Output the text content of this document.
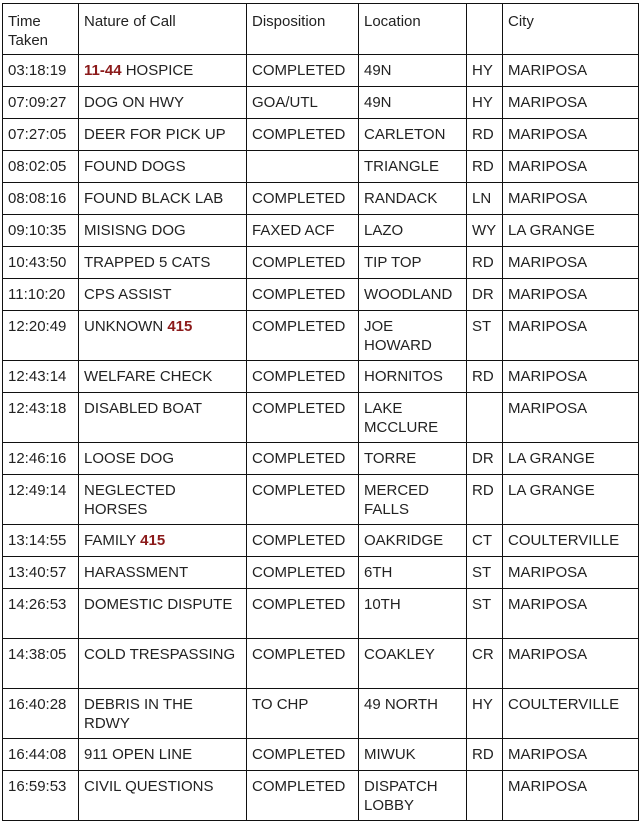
Time Taken	Nature of Call	Disposition	Location		City
03:18:19	11-44 HOSPICE	COMPLETED	49N	HY	MARIPOSA
07:09:27	DOG ON HWY	GOA/UTL	49N	HY	MARIPOSA
07:27:05	DEER FOR PICK UP	COMPLETED	CARLETON	RD	MARIPOSA
08:02:05	FOUND DOGS		TRIANGLE	RD	MARIPOSA
08:08:16	FOUND BLACK LAB	COMPLETED	RANDACK	LN	MARIPOSA
09:10:35	MISISNG DOG	FAXED ACF	LAZO	WY	LA GRANGE
10:43:50	TRAPPED 5 CATS	COMPLETED	TIP TOP	RD	MARIPOSA
11:10:20	CPS ASSIST	COMPLETED	WOODLAND	DR	MARIPOSA
12:20:49	UNKNOWN 415	COMPLETED	JOE HOWARD	ST	MARIPOSA
12:43:14	WELFARE CHECK	COMPLETED	HORNITOS	RD	MARIPOSA
12:43:18	DISABLED BOAT	COMPLETED	LAKE MCCLURE		MARIPOSA
12:46:16	LOOSE DOG	COMPLETED	TORRE	DR	LA GRANGE
12:49:14	NEGLECTED HORSES	COMPLETED	MERCED FALLS	RD	LA GRANGE
13:14:55	FAMILY 415	COMPLETED	OAKRIDGE	CT	COULTERVILLE
13:40:57	HARASSMENT	COMPLETED	6TH	ST	MARIPOSA
14:26:53	DOMESTIC DISPUTE	COMPLETED	10TH	ST	MARIPOSA
14:38:05	COLD TRESPASSING	COMPLETED	COAKLEY	CR	MARIPOSA
16:40:28	DEBRIS IN THE RDWY	TO CHP	49 NORTH	HY	COULTERVILLE
16:44:08	911 OPEN LINE	COMPLETED	MIWUK	RD	MARIPOSA
16:59:53	CIVIL QUESTIONS	COMPLETED	DISPATCH LOBBY		MARIPOSA
